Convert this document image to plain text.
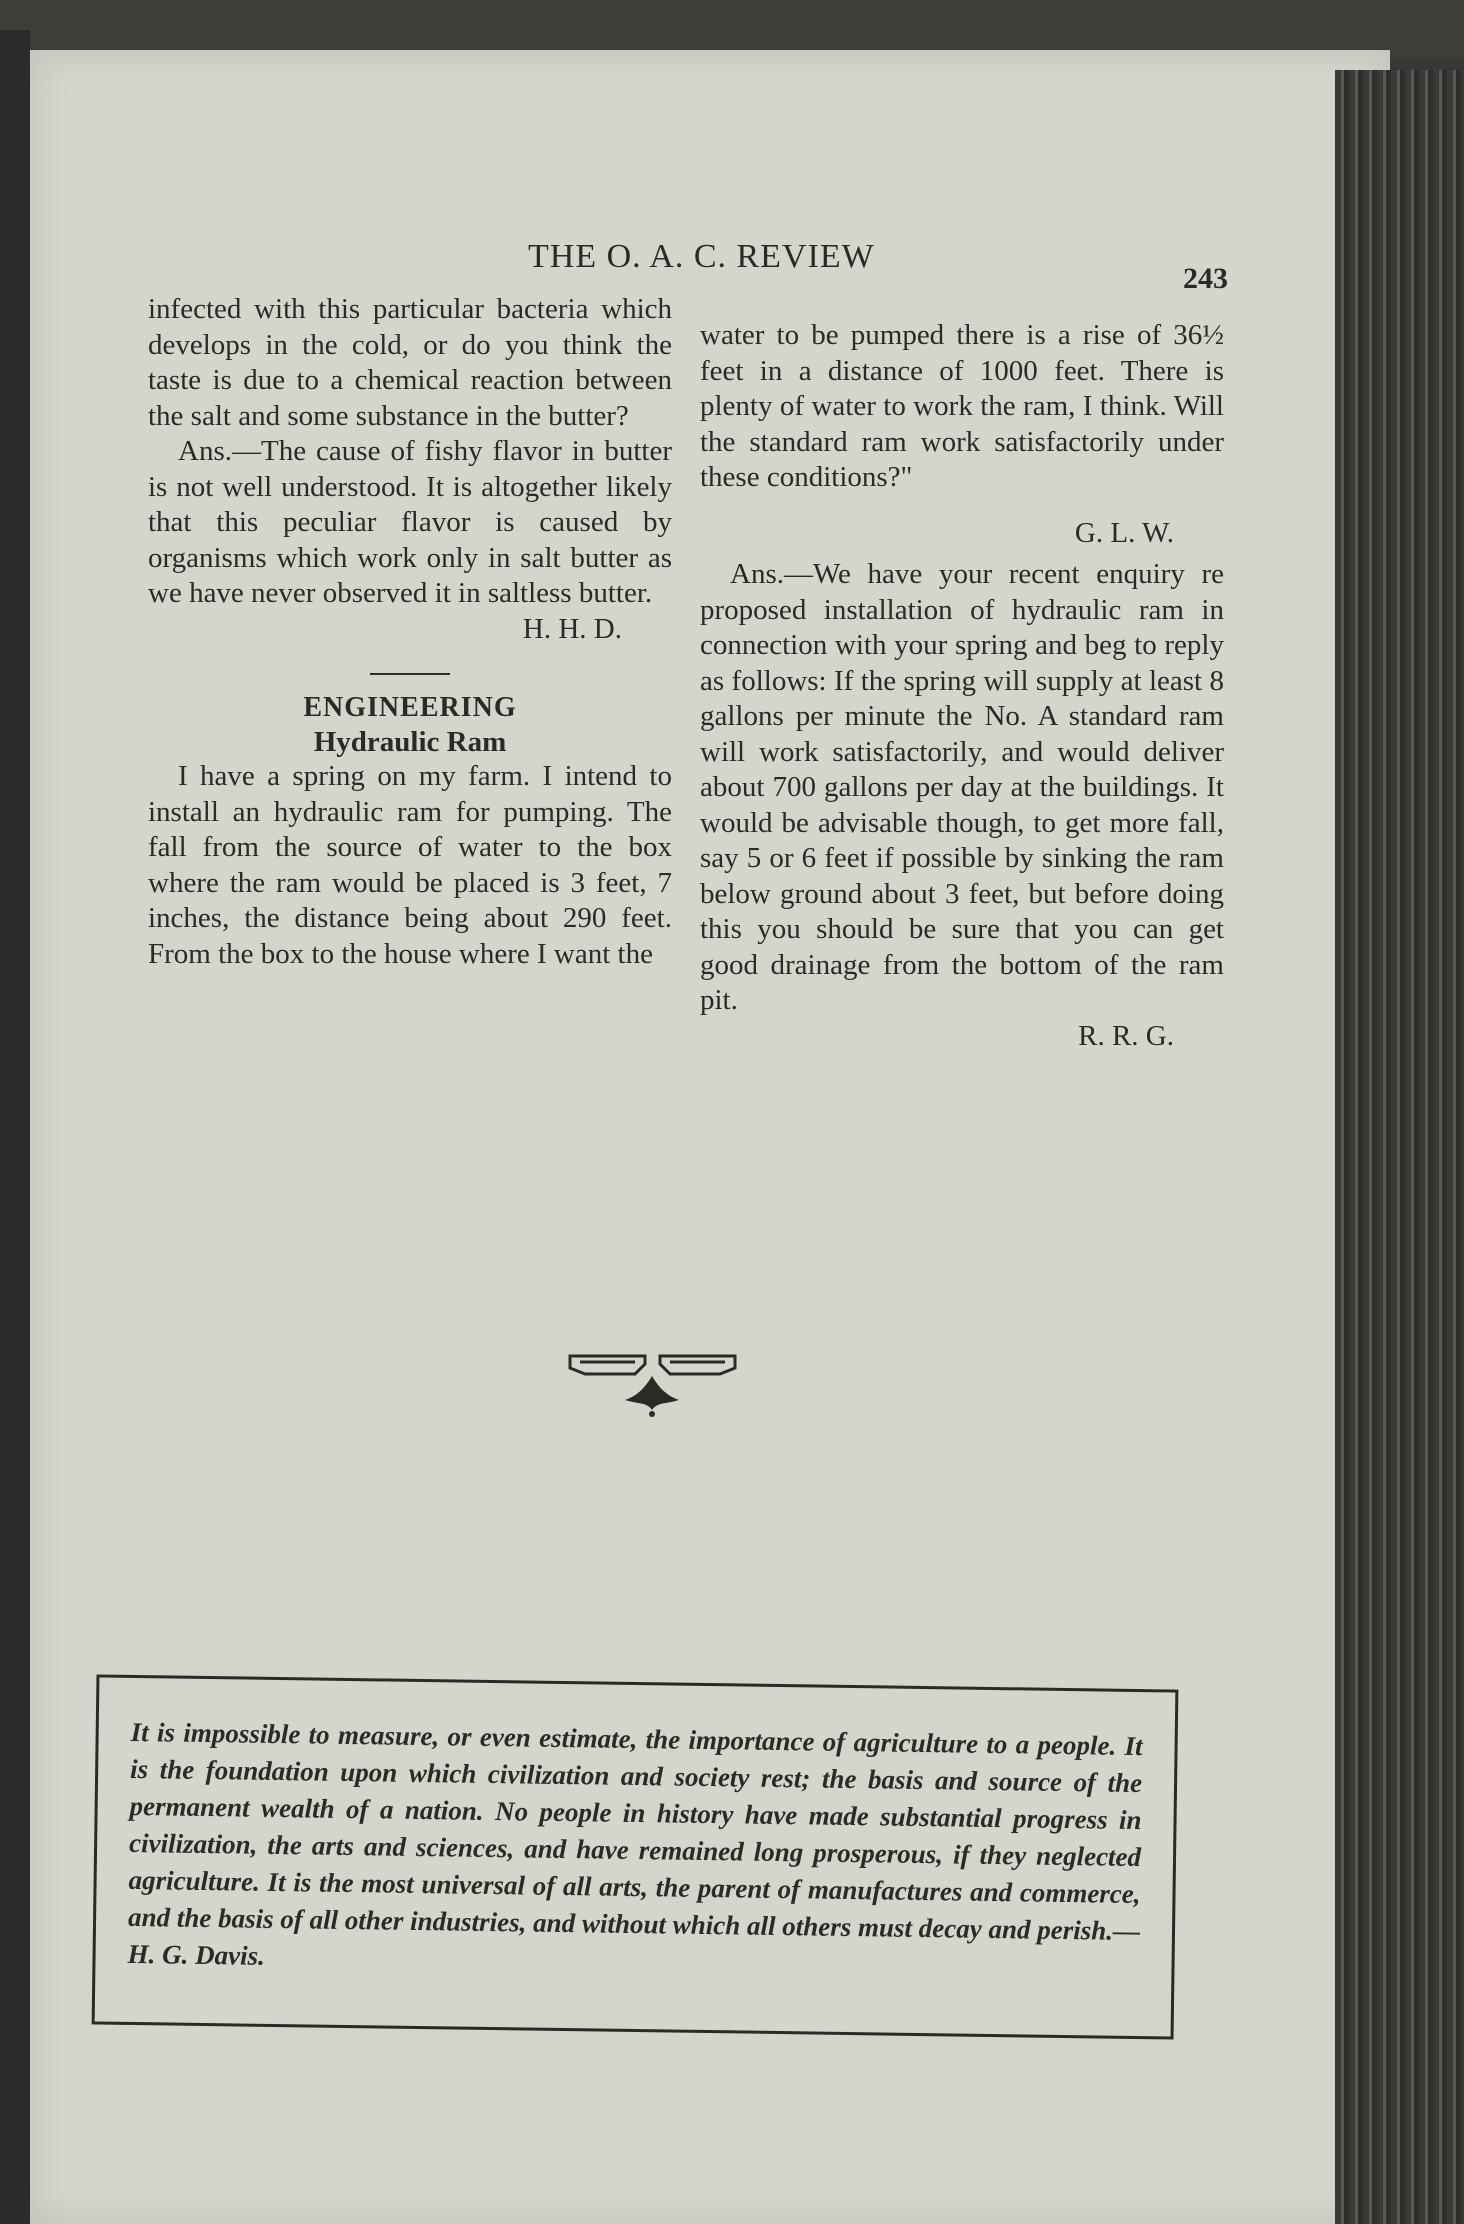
THE O. A. C. REVIEW
243

infected with this particular bacteria which develops in the cold, or do you think the taste is due to a chemical reaction between the salt and some substance in the butter?

Ans.—The cause of fishy flavor in butter is not well understood. It is altogether likely that this peculiar flavor is caused by organisms which work only in salt butter as we have never observed it in saltless butter.

H. H. D.

ENGINEERING

Hydraulic Ram

I have a spring on my farm. I intend to install an hydraulic ram for pumping. The fall from the source of water to the box where the ram would be placed is 3 feet, 7 inches, the distance being about 290 feet. From the box to the house where I want the

water to be pumped there is a rise of 36½ feet in a distance of 1000 feet. There is plenty of water to work the ram, I think. Will the standard ram work satisfactorily under these conditions?"

G. L. W.

Ans.—We have your recent enquiry re proposed installation of hydraulic ram in connection with your spring and beg to reply as follows: If the spring will supply at least 8 gallons per minute the No. A standard ram will work satisfactorily, and would deliver about 700 gallons per day at the buildings. It would be advisable though, to get more fall, say 5 or 6 feet if possible by sinking the ram below ground about 3 feet, but before doing this you should be sure that you can get good drainage from the bottom of the ram pit.

R. R. G.

It is impossible to measure, or even estimate, the importance of agriculture to a people. It is the foundation upon which civilization and society rest; the basis and source of the permanent wealth of a nation. No people in history have made substantial progress in civilization, the arts and sciences, and have remained long prosperous, if they neglected agriculture. It is the most universal of all arts, the parent of manufactures and commerce, and the basis of all other industries, and without which all others must decay and perish.—H. G. Davis.
